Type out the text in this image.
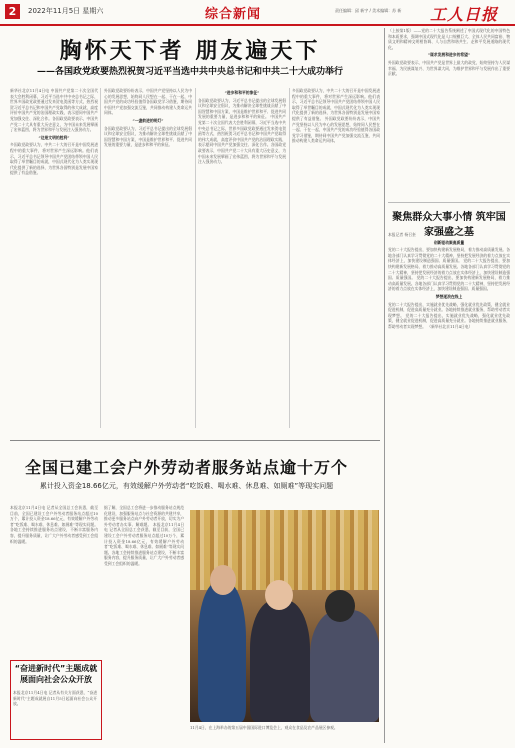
2	2022年11月5日 星期六	综合新闻	责任编辑：邱 新宇 / 美术编辑：苏 新 工人日报
胸怀天下者 朋友遍天下
——各国政党政要热烈祝贺习近平当选中共中央总书记和中共二十大成功举行
新华社北京11月4日电 中国共产党第二十次全国代表大会胜利闭幕，习近平当选中共中央总书记之际，世界多国政党政要通过发来贺电贺函等方式，热烈祝贺习近平总书记和中国共产党取得的伟大成就，高度评价中国共产党的治国理政实践，表示愿同中国共产党加强交往、深化合作。各国政党政要表示，中国共产党二十大具有重大历史意义，为中国未来发展擘画了宏伟蓝图，将为世界和平与发展注入强劲动力。
“这是文明的胜利”
多国政党政要认为，中共二十大的召开是中国发展进程中的重大事件，将对世界产生深远影响。他们表示，习近平总书记领导中国共产党团结带领中国人民取得了举世瞩目的成就，中国式现代化为人类实现现代化提供了新的选择，为世界各国特别是发展中国家提供了有益借鉴。
外国政党政要纷纷表示，中国共产党坚持以人民为中心的发展思想，始终同人民想在一起、干在一起，中国共产党的成功经验值得各国政党学习借鉴，期待同中国共产党加强交流互鉴，共同推动构建人类命运共同体。
“一盏前进的明灯”
各国政党政要认为，习近平总书记提出的全球发展倡议和全球安全倡议，为推动解决全球性挑战贡献了中国智慧和中国方案，中国是维护世界和平、促进共同发展的重要力量，是进步和和平的象征。
“进步和和平的象征”
各国政党政要认为，习近平总书记提出的全球发展倡议和全球安全倡议，为推动解决全球性挑战贡献了中国智慧和中国方案，中国是维护世界和平、促进共同发展的重要力量，是进步和和平的象征。 中国共产党第二十次全国代表大会胜利闭幕，习近平当选中共中央总书记之际，世界多国政党政要通过发来贺电贺函等方式，热烈祝贺习近平总书记和中国共产党取得的伟大成就，高度评价中国共产党的治国理政实践，表示愿同中国共产党加强交往、深化合作。各国政党政要表示，中国共产党二十大具有重大历史意义，为中国未来发展擘画了宏伟蓝图，将为世界和平与发展注入强劲动力。
多国政党政要认为，中共二十大的召开是中国发展进程中的重大事件，将对世界产生深远影响。他们表示，习近平总书记领导中国共产党团结带领中国人民取得了举世瞩目的成就，中国式现代化为人类实现现代化提供了新的选择，为世界各国特别是发展中国家提供了有益借鉴。 外国政党政要纷纷表示，中国共产党坚持以人民为中心的发展思想，始终同人民想在一起、干在一起，中国共产党的成功经验值得各国政党学习借鉴，期待同中国共产党加强交流互鉴，共同推动构建人类命运共同体。
（上接第1版）——党的二十大报告系统阐述了中国式现代化的中国特色和本质要求，强调中国式现代化是人口规模巨大、全体人民共同富裕、物质文明和精神文明相协调、人与自然和谐共生、走和平发展道路的现代化。
“谋求发展和进步的希望”
外国政党政要表示，中国共产党是世界上最大的政党，始终坚持为人民谋幸福、为民族谋复兴、为世界谋大同，为维护世界和平与发展作出了重要贡献。
聚焦群众大事小情 筑牢国家强盛之基
本报记者 杨召奎
创新驱动聚高质量
党的二十大报告提出，要加快构建新发展格局，着力推动高质量发展。各地各部门认真学习贯彻党的二十大精神，坚持把发展经济的着力点放在实体经济上，加快建设制造强国、质量强国。 党的二十大报告提出，要加快构建新发展格局，着力推动高质量发展。各地各部门认真学习贯彻党的二十大精神，坚持把发展经济的着力点放在实体经济上，加快建设制造强国、质量强国。 党的二十大报告提出，要加快构建新发展格局，着力推动高质量发展。各地各部门认真学习贯彻党的二十大精神，坚持把发展经济的着力点放在实体经济上，加快建设制造强国、质量强国。
梦想逐浪在线上
党的二十大报告提出，实施就业优先战略，强化就业优先政策，健全就业促进机制，促进高质量充分就业。各地持续推进就业服务，帮助劳动者实现梦想。 党的二十大报告提出，实施就业优先战略，强化就业优先政策，健全就业促进机制，促进高质量充分就业。各地持续推进就业服务，帮助劳动者实现梦想。 （新华社北京11月4日电）
全国已建工会户外劳动者服务站点逾十万个
累计投入资金18.66亿元，有效缓解户外劳动者“吃饭难、喝水难、休息难、如厕难”等现实问题
本报北京11月4日电 记者从全国总工会获悉，截至目前，全国已建设工会户外劳动者服务站点超过10万个，累计投入资金18.66亿元，有效缓解户外劳动者“吃饭难、喝水难、休息难、如厕难”等现实问题。各地工会持续推进服务站点建设，不断丰富服务内容，提升服务质量，让广大户外劳动者感受到工会组织的温暖。
据了解，全国总工会将进一步推动服务站点规范化建设，加强服务站点与社会资源的共建共享，推动更多服务站点向户外劳动者开放，切实为户外劳动者办实事、解难题。 本报北京11月4日电 记者从全国总工会获悉，截至目前，全国已建设工会户外劳动者服务站点超过10万个，累计投入资金18.66亿元，有效缓解户外劳动者“吃饭难、喝水难、休息难、如厕难”等现实问题。各地工会持续推进服务站点建设，不断丰富服务内容，提升服务质量，让广大户外劳动者感受到工会组织的温暖。
“奋进新时代”主题成就展面向社会公众开放
本报北京11月4日电 记者从有关方面获悉，“奋进新时代”主题成就展自11月5日起面向社会公众开放。
11月4日，在上海举办的第五届中国国际进口博览会上，观众在食品及农产品展区参观。
